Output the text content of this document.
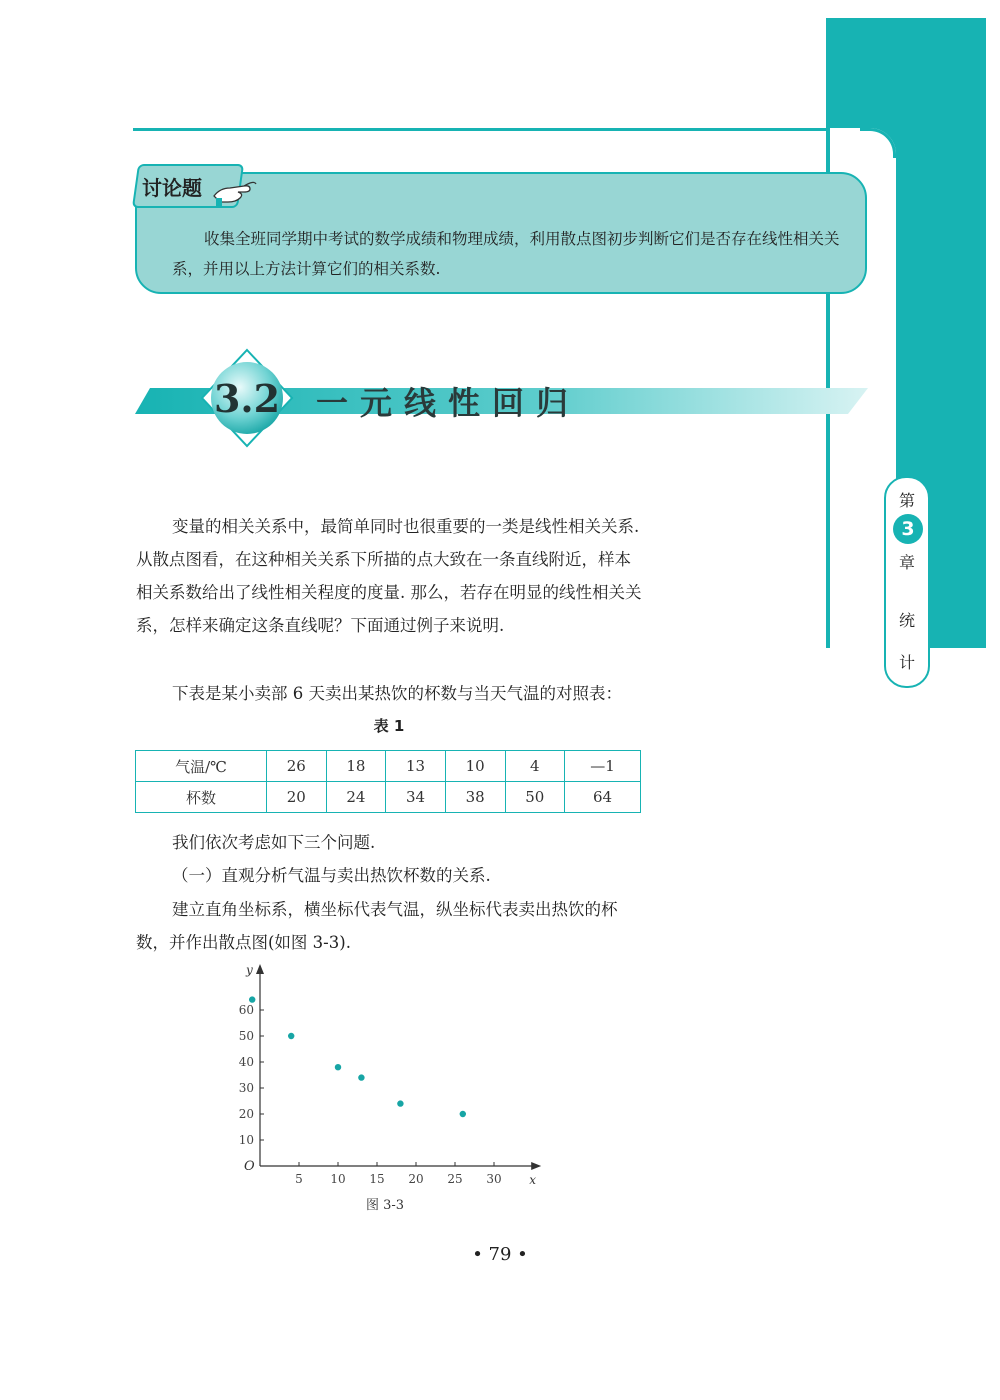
讨论题
收集全班同学期中考试的数学成绩和物理成绩，利用散点图初步判断它们是否存在线性相关关系，并用以上方法计算它们的相关系数.
3.2 一元线性回归
第
3
章
统
计
变量的相关关系中，最简单同时也很重要的一类是线性相关关系. 从散点图看，在这种相关关系下所描的点大致在一条直线附近，样本相关系数给出了线性相关程度的度量. 那么，若存在明显的线性相关关系，怎样来确定这条直线呢？下面通过例子来说明.
下表是某小卖部 6 天卖出某热饮的杯数与当天气温的对照表：
表 1
气温/℃	26	18	13	10	4	—1
杯数	20	24	34	38	50	64
我们依次考虑如下三个问题.
（一）直观分析气温与卖出热饮杯数的关系.
建立直角坐标系，横坐标代表气温，纵坐标代表卖出热饮的杯数，并作出散点图(如图 3-3).
x
y
O
5 10 15 20 25 30
10
20
30
40
50
60
图 3-3
• 79 •
